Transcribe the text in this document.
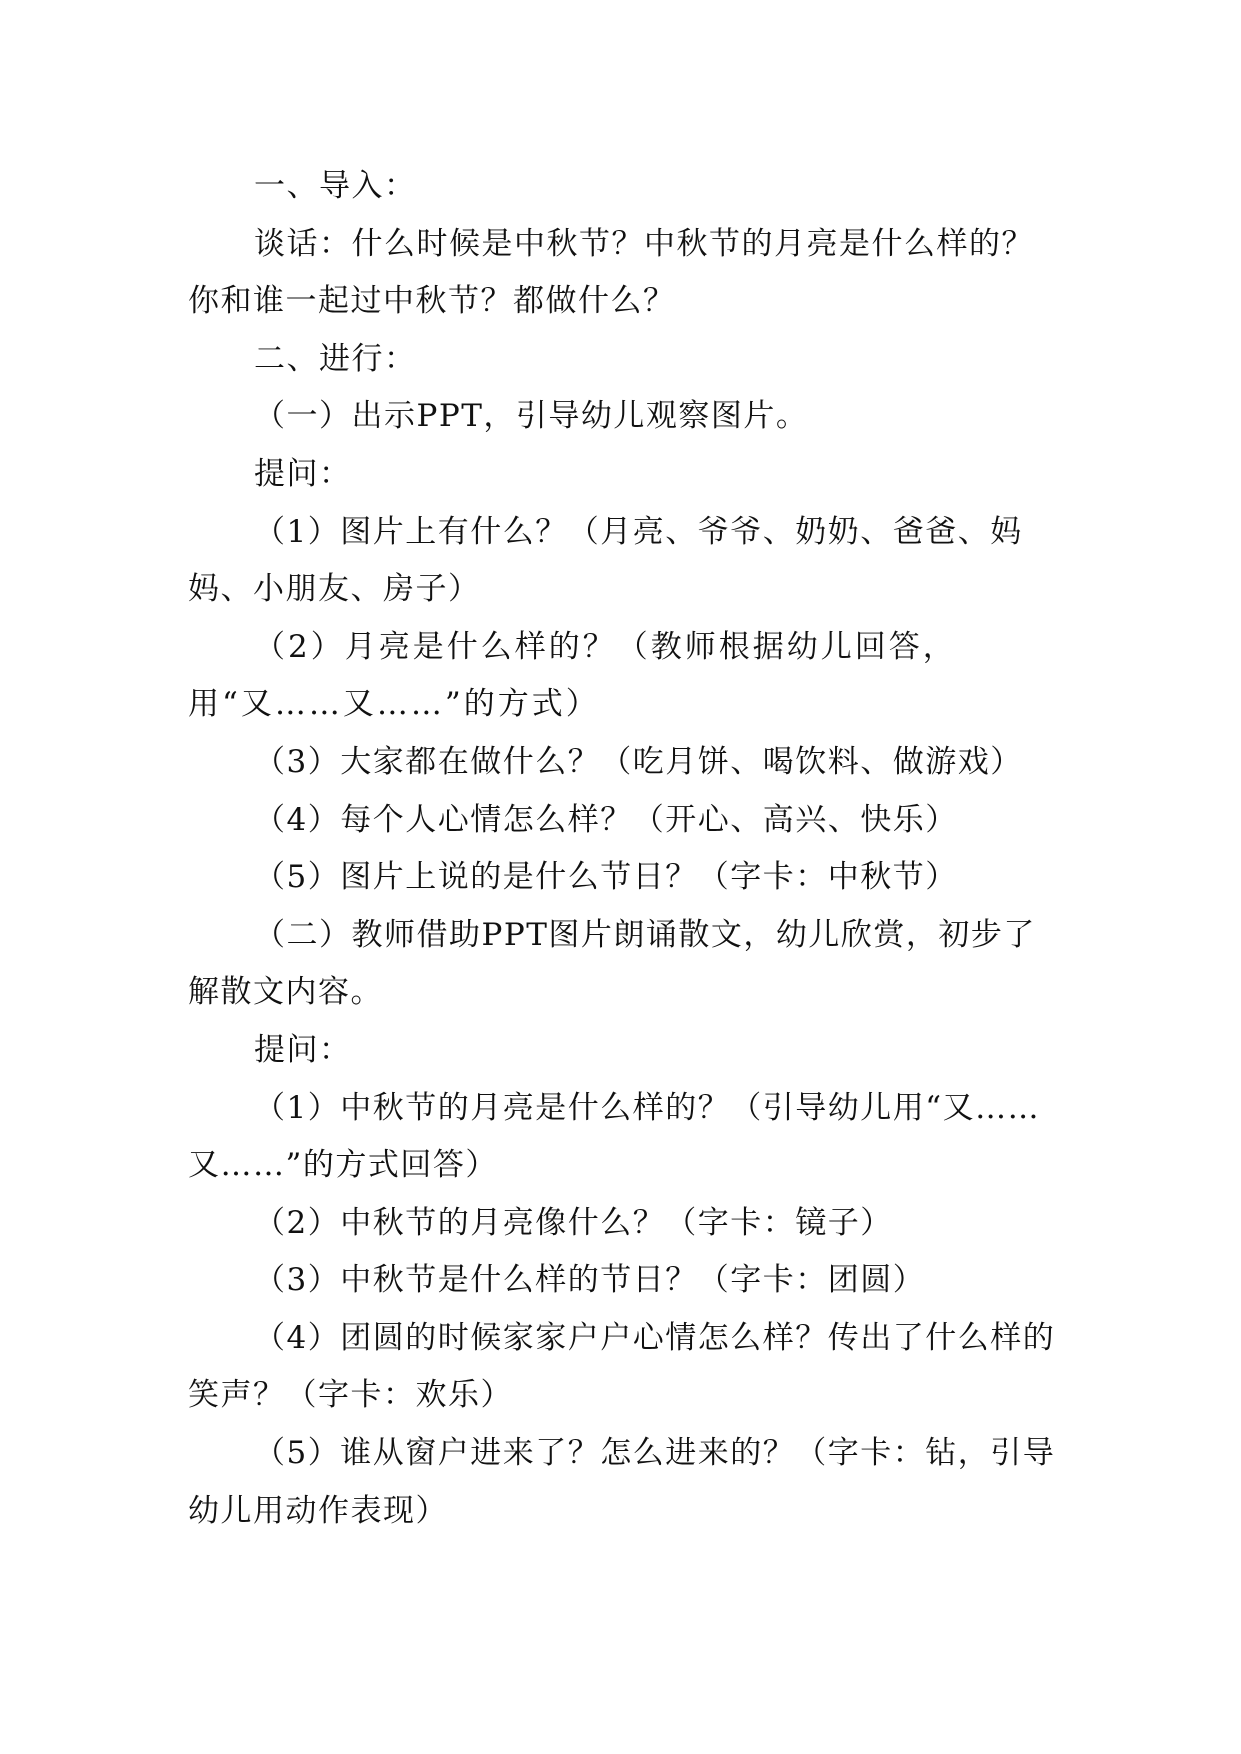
一、导入：

谈话：什么时候是中秋节？中秋节的月亮是什么样的？你和谁一起过中秋节？都做什么？

二、进行：

（一）出示PPT，引导幼儿观察图片。

提问：

（1）图片上有什么？（月亮、爷爷、奶奶、爸爸、妈妈、小朋友、房子）

（2）月亮是什么样的？（教师根据幼儿回答，用“又……又……”的方式）

（3）大家都在做什么？（吃月饼、喝饮料、做游戏）

（4）每个人心情怎么样？（开心、高兴、快乐）

（5）图片上说的是什么节日？（字卡：中秋节）

（二）教师借助PPT图片朗诵散文，幼儿欣赏，初步了解散文内容。

提问：

（1）中秋节的月亮是什么样的？（引导幼儿用“又……又……”的方式回答）

（2）中秋节的月亮像什么？（字卡：镜子）

（3）中秋节是什么样的节日？（字卡：团圆）

（4）团圆的时候家家户户心情怎么样？传出了什么样的笑声？（字卡：欢乐）

（5）谁从窗户进来了？怎么进来的？（字卡：钻，引导幼儿用动作表现）
